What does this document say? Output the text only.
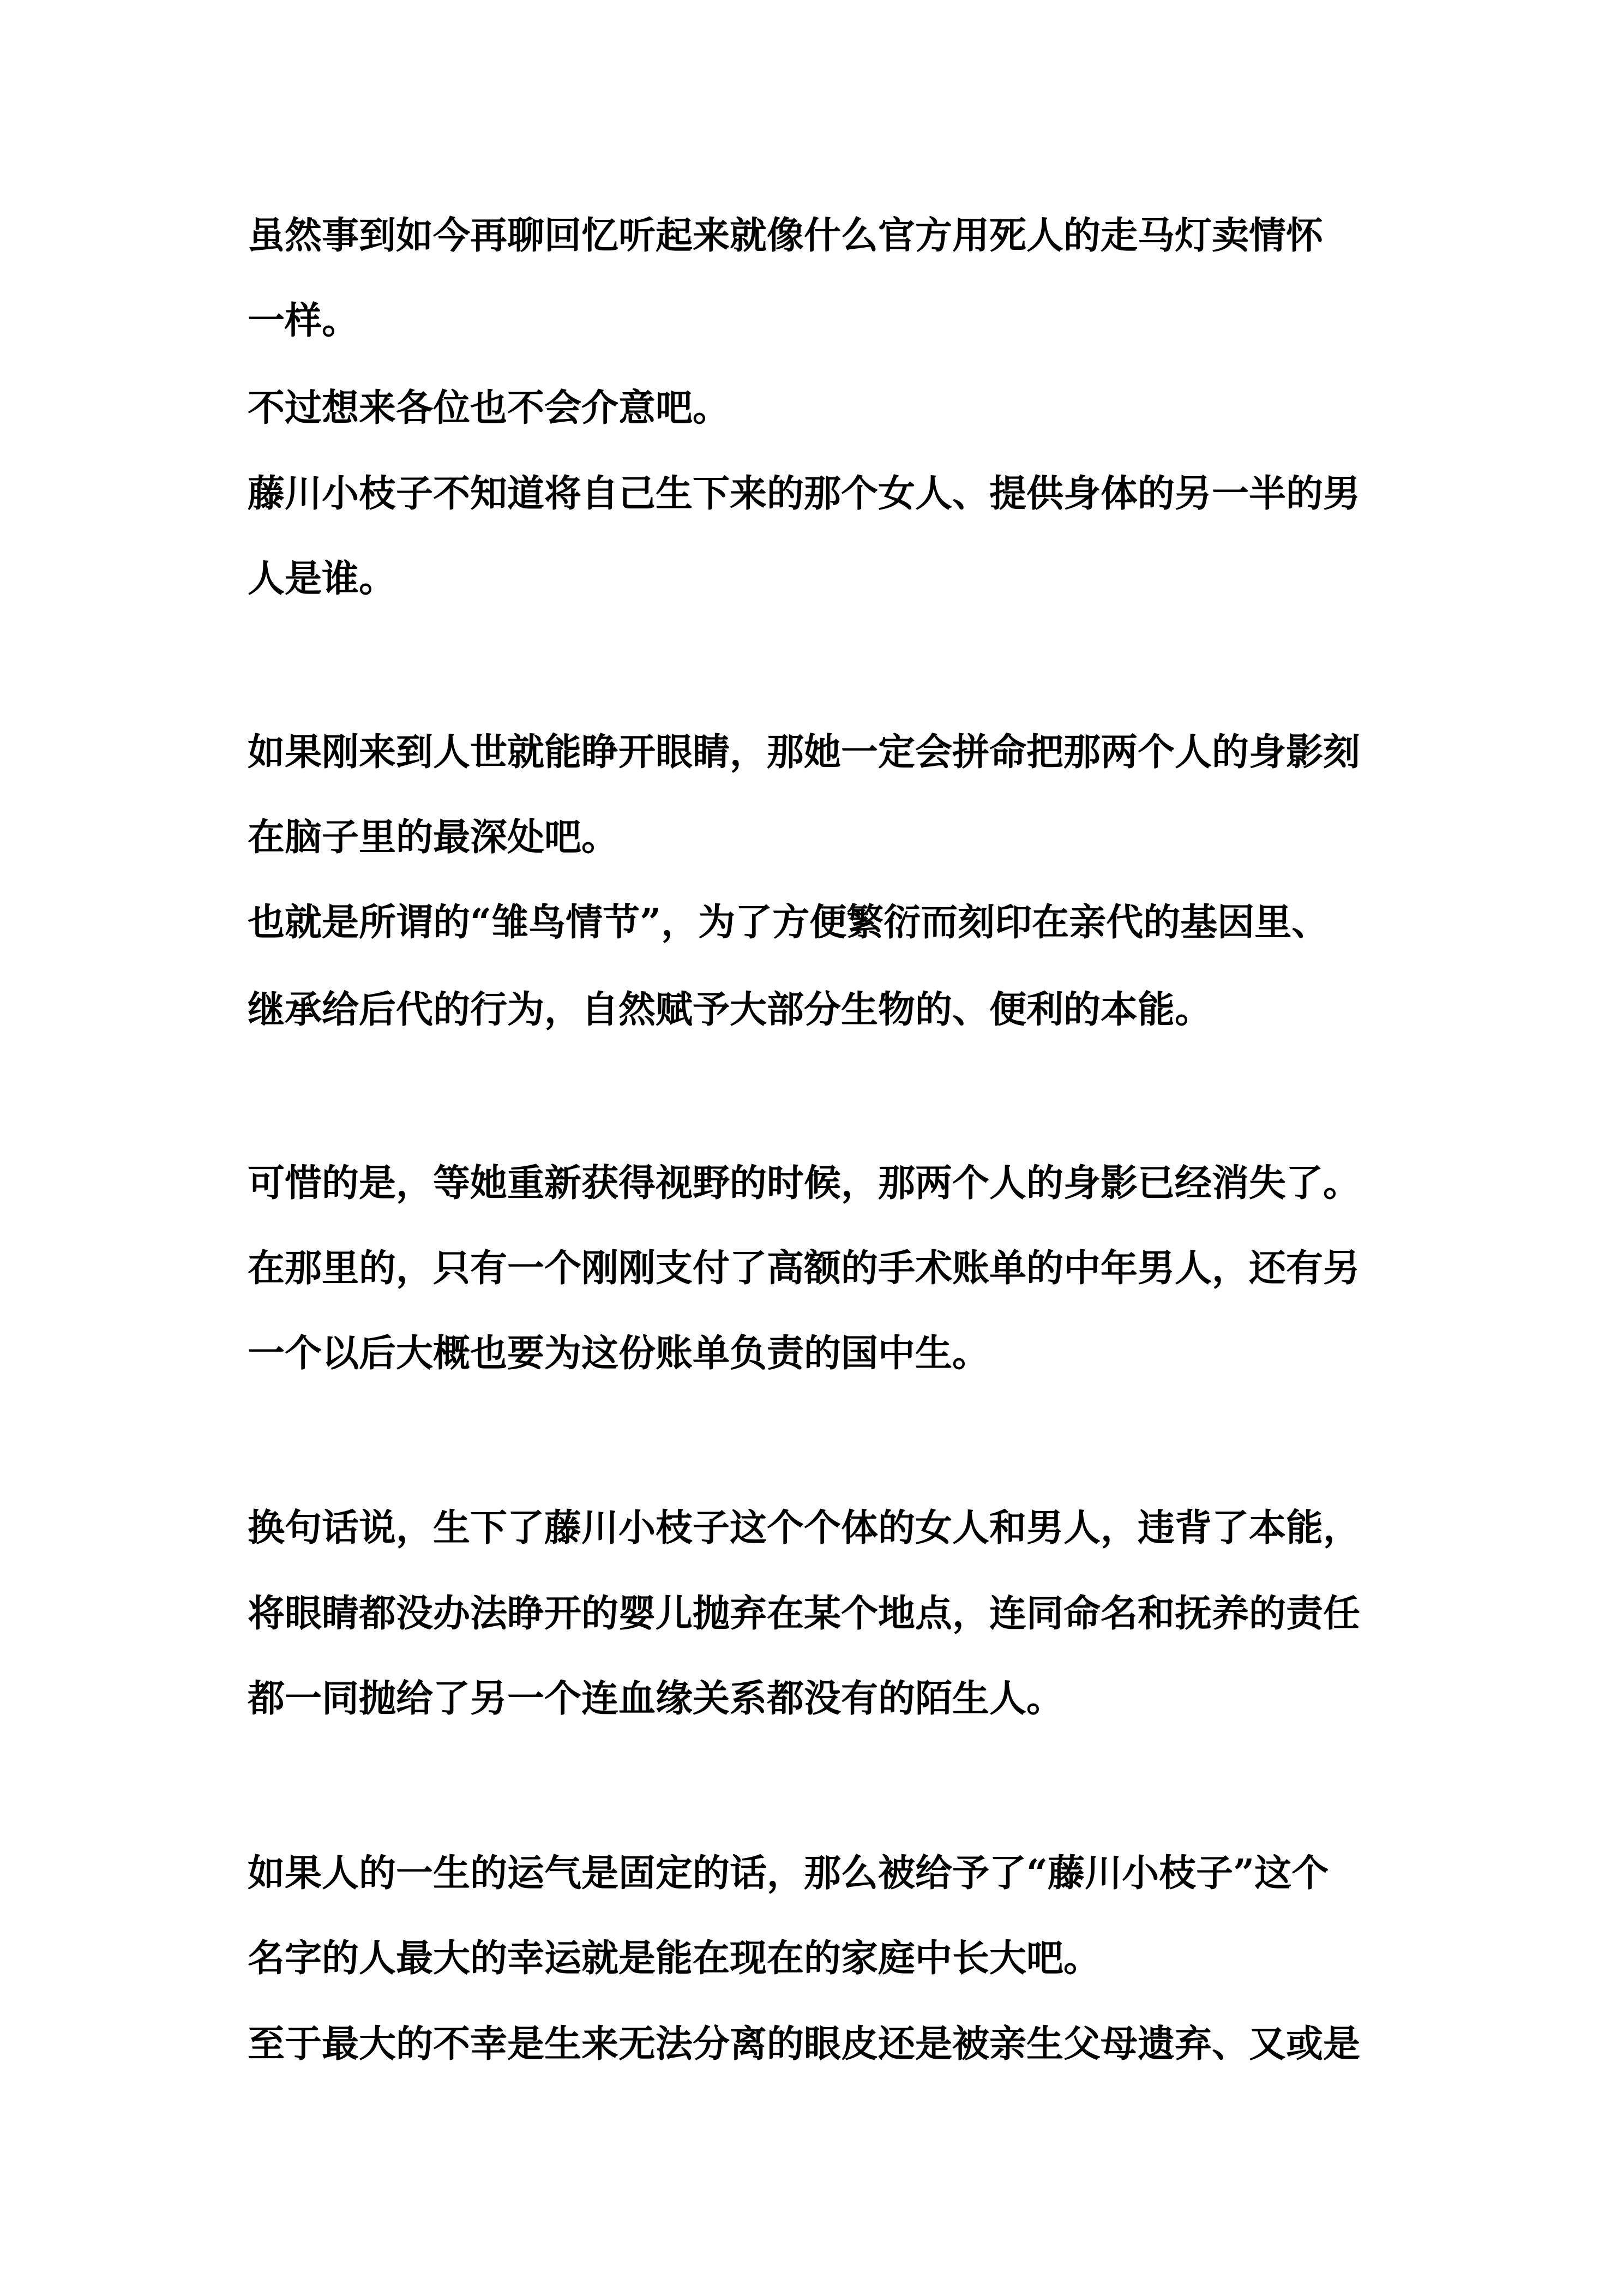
虽然事到如今再聊回忆听起来就像什么官方用死人的走马灯卖情怀

一样。

不过想来各位也不会介意吧。

藤川小枝子不知道将自己生下来的那个女人、提供身体的另一半的男

人是谁。

如果刚来到人世就能睁开眼睛，那她一定会拼命把那两个人的身影刻

在脑子里的最深处吧。

也就是所谓的“雏鸟情节”，为了方便繁衍而刻印在亲代的基因里、

继承给后代的行为，自然赋予大部分生物的、便利的本能。

可惜的是，等她重新获得视野的时候，那两个人的身影已经消失了。

在那里的，只有一个刚刚支付了高额的手术账单的中年男人，还有另

一个以后大概也要为这份账单负责的国中生。

换句话说，生下了藤川小枝子这个个体的女人和男人，违背了本能，

将眼睛都没办法睁开的婴儿抛弃在某个地点，连同命名和抚养的责任

都一同抛给了另一个连血缘关系都没有的陌生人。

如果人的一生的运气是固定的话，那么被给予了“藤川小枝子”这个

名字的人最大的幸运就是能在现在的家庭中长大吧。

至于最大的不幸是生来无法分离的眼皮还是被亲生父母遗弃、又或是
